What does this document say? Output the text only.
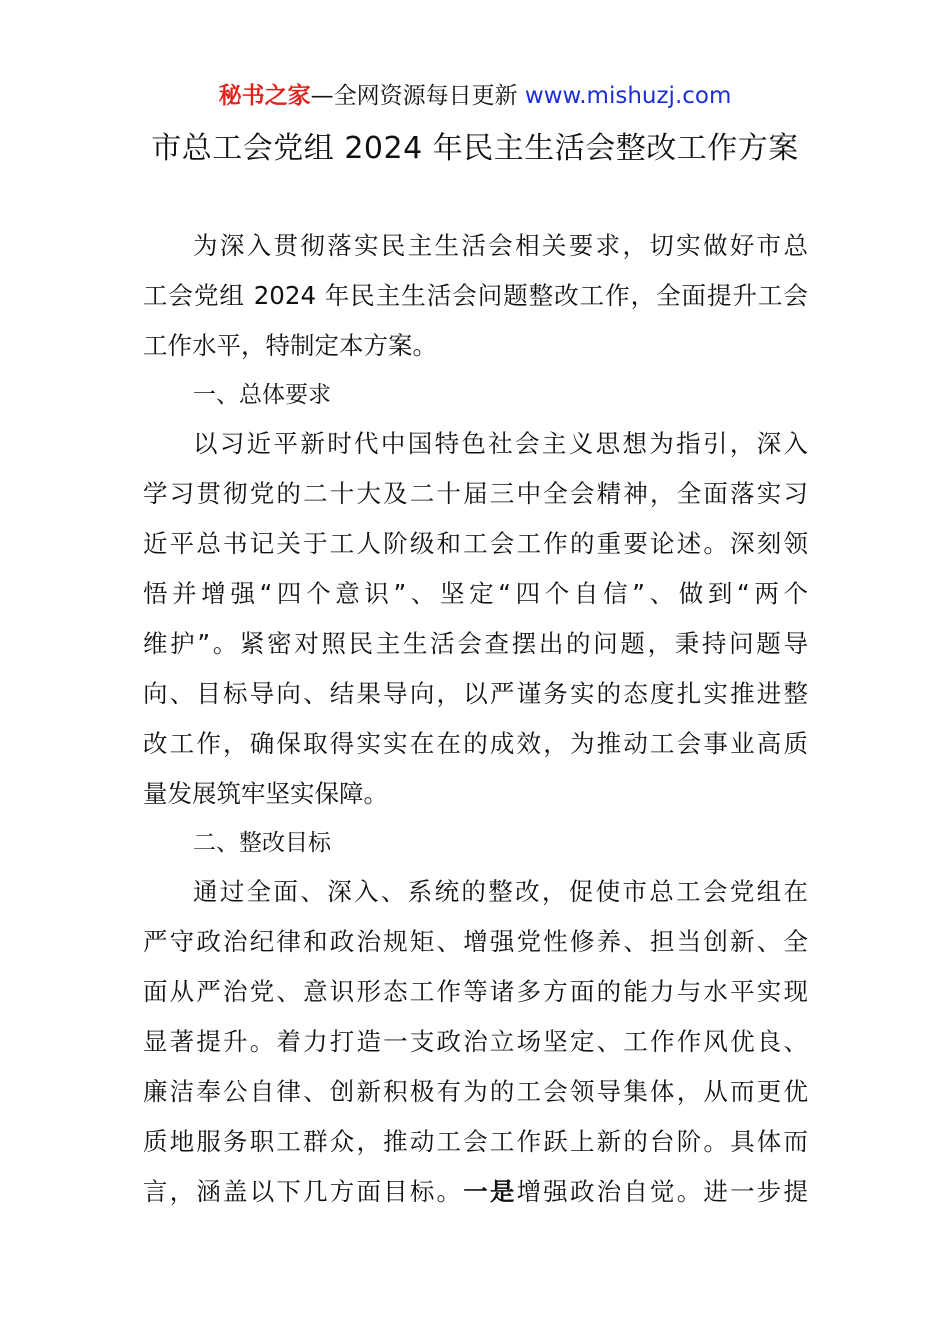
秘书之家—全网资源每日更新 www.mishuzj.com
市总工会党组 2024 年民主生活会整改工作方案
为深入贯彻落实民主生活会相关要求，切实做好市总
工会党组 2024 年民主生活会问题整改工作，全面提升工会
工作水平，特制定本方案。
一、总体要求
以习近平新时代中国特色社会主义思想为指引，深入
学习贯彻党的二十大及二十届三中全会精神，全面落实习
近平总书记关于工人阶级和工会工作的重要论述。深刻领
悟并增强“四个意识”、坚定“四个自信”、做到“两个
维护”。紧密对照民主生活会查摆出的问题，秉持问题导
向、目标导向、结果导向，以严谨务实的态度扎实推进整
改工作，确保取得实实在在的成效，为推动工会事业高质
量发展筑牢坚实保障。
二、整改目标
通过全面、深入、系统的整改，促使市总工会党组在
严守政治纪律和政治规矩、增强党性修养、担当创新、全
面从严治党、意识形态工作等诸多方面的能力与水平实现
显著提升。着力打造一支政治立场坚定、工作作风优良、
廉洁奉公自律、创新积极有为的工会领导集体，从而更优
质地服务职工群众，推动工会工作跃上新的台阶。具体而
言，涵盖以下几方面目标。一是增强政治自觉。进一步提
